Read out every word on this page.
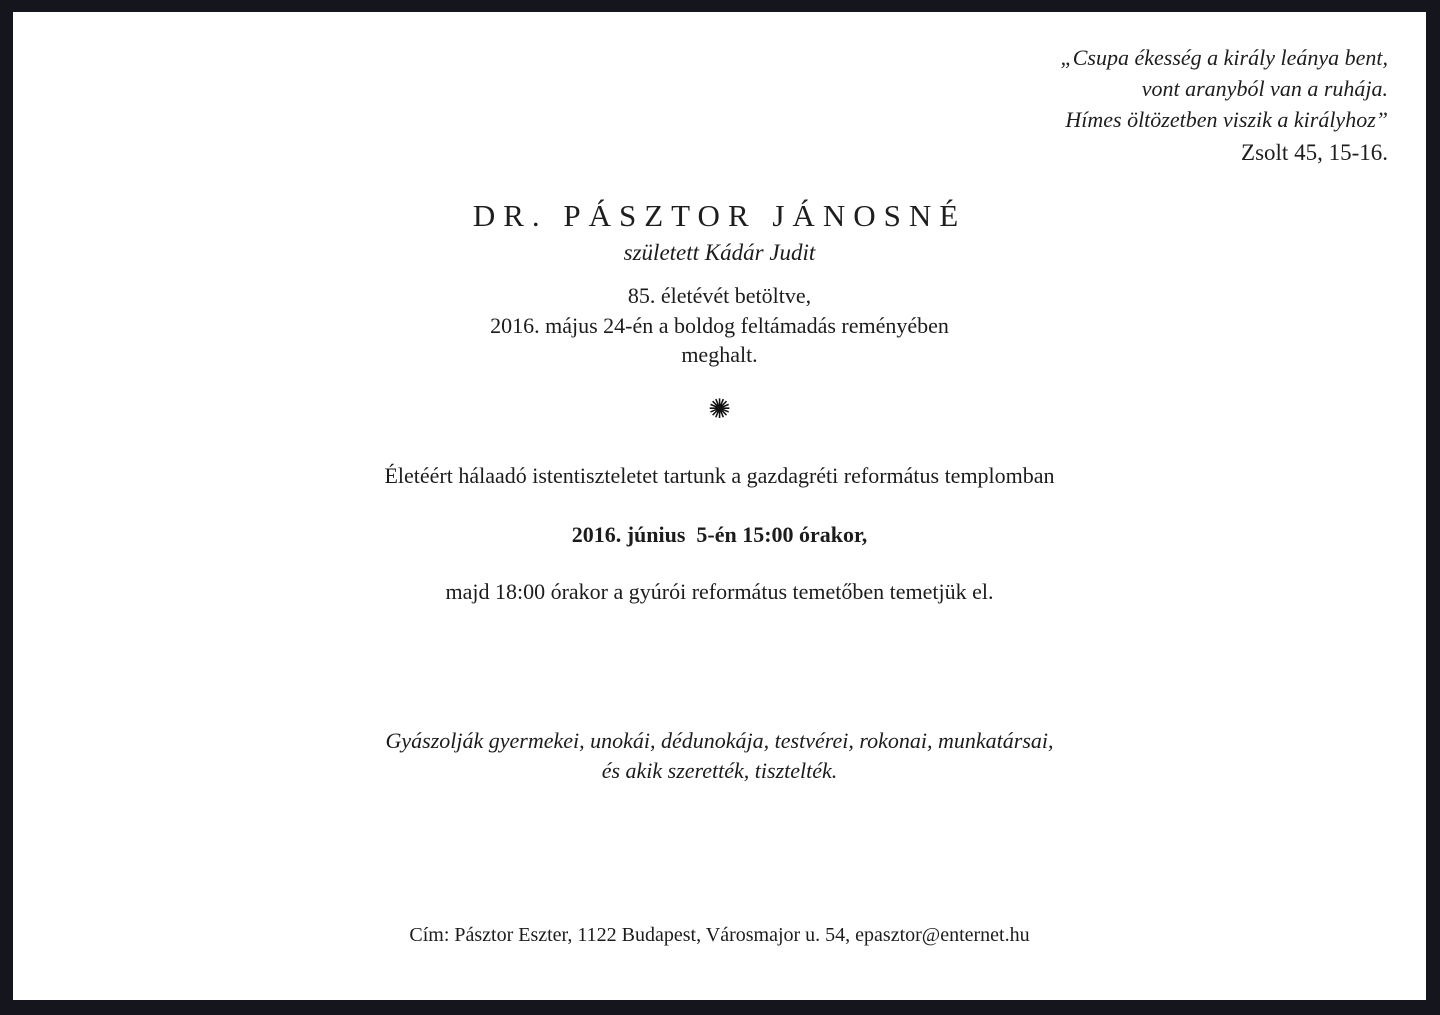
„Csupa ékesség a király leánya bent,
vont aranyból van a ruhája.
Hímes öltözetben viszik a királyhoz”
Zsolt 45, 15-16.
DR. PÁSZTOR JÁNOSNÉ
született Kádár Judit
85. életévét betöltve,
2016. május 24-én a boldog feltámadás reményében
meghalt.
✺
Életéért hálaadó istentiszteletet tartunk a gazdagréti református templomban
2016. június  5-én 15:00 órakor,
majd 18:00 órakor a gyúrói református temetőben temetjük el.
Gyászolják gyermekei, unokái, dédunokája, testvérei, rokonai, munkatársai,
és akik szerették, tisztelték.
Cím: Pásztor Eszter, 1122 Budapest, Városmajor u. 54, epasztor@enternet.hu
